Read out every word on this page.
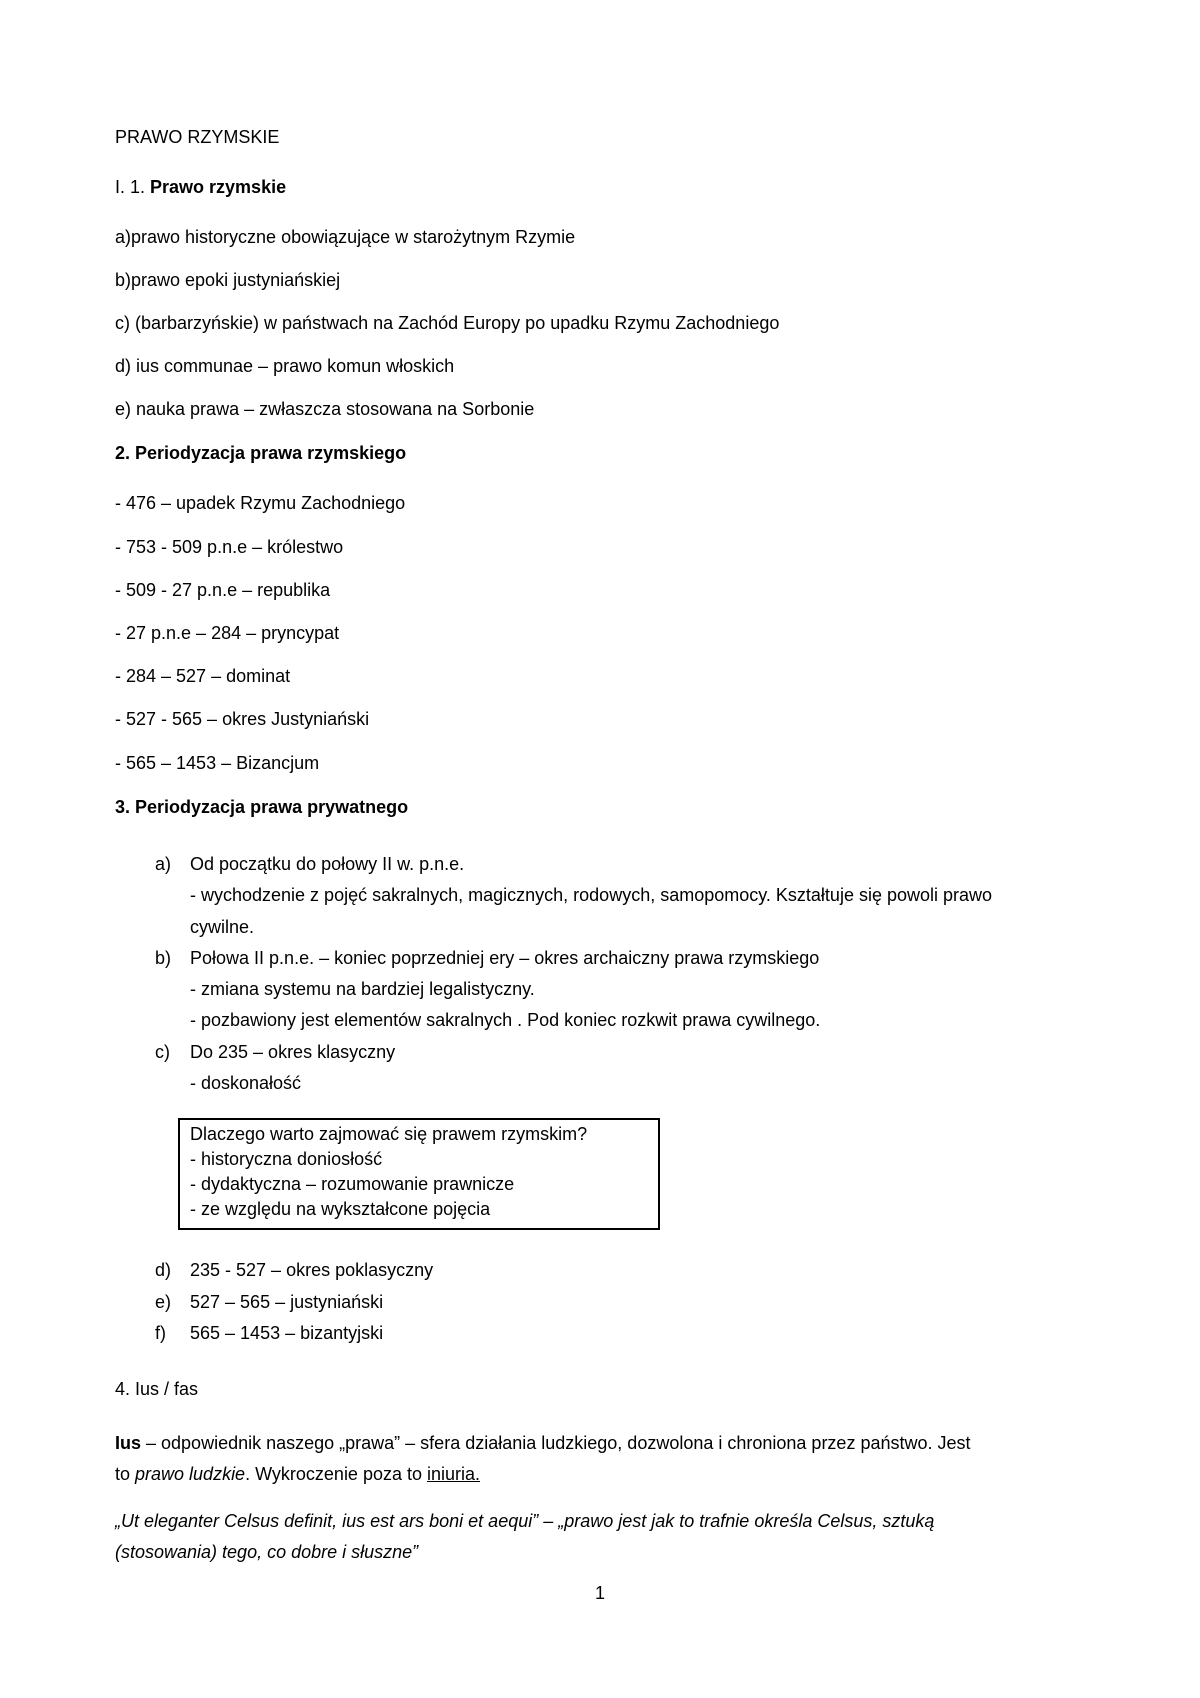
PRAWO RZYMSKIE
I. 1. Prawo rzymskie
a)prawo historyczne obowiązujące w starożytnym Rzymie
b)prawo epoki justyniańskiej
c) (barbarzyńskie) w państwach na Zachód Europy po upadku Rzymu Zachodniego
d) ius communae – prawo komun włoskich
e) nauka prawa – zwłaszcza stosowana na Sorbonie
2. Periodyzacja prawa rzymskiego
- 476 – upadek Rzymu Zachodniego
- 753 - 509 p.n.e – królestwo
- 509 - 27 p.n.e – republika
- 27 p.n.e – 284 – pryncypat
- 284 – 527 – dominat
- 527 - 565 – okres Justyniański
- 565 – 1453 – Bizancjum
3. Periodyzacja prawa prywatnego
a) Od początku do połowy II w. p.n.e.
- wychodzenie z pojęć sakralnych, magicznych, rodowych, samopomocy. Kształtuje się powoli prawo
cywilne.
b) Połowa II p.n.e. – koniec poprzedniej ery – okres archaiczny prawa rzymskiego
- zmiana systemu na bardziej legalistyczny.
- pozbawiony jest elementów sakralnych . Pod koniec rozkwit prawa cywilnego.
c) Do 235 – okres klasyczny
- doskonałość
Dlaczego warto zajmować się prawem rzymskim?
- historyczna doniosłość
- dydaktyczna – rozumowanie prawnicze
- ze względu na wykształcone pojęcia
d) 235 - 527 – okres poklasyczny
e) 527 – 565 – justyniański
f) 565 – 1453 – bizantyjski
4. Ius / fas
Ius – odpowiednik naszego „prawa” – sfera działania ludzkiego, dozwolona i chroniona przez państwo. Jest
to prawo ludzkie. Wykroczenie poza to iniuria.
„Ut eleganter Celsus definit, ius est ars boni et aequi” – „prawo jest jak to trafnie określa Celsus, sztuką
(stosowania) tego, co dobre i słuszne”
1
